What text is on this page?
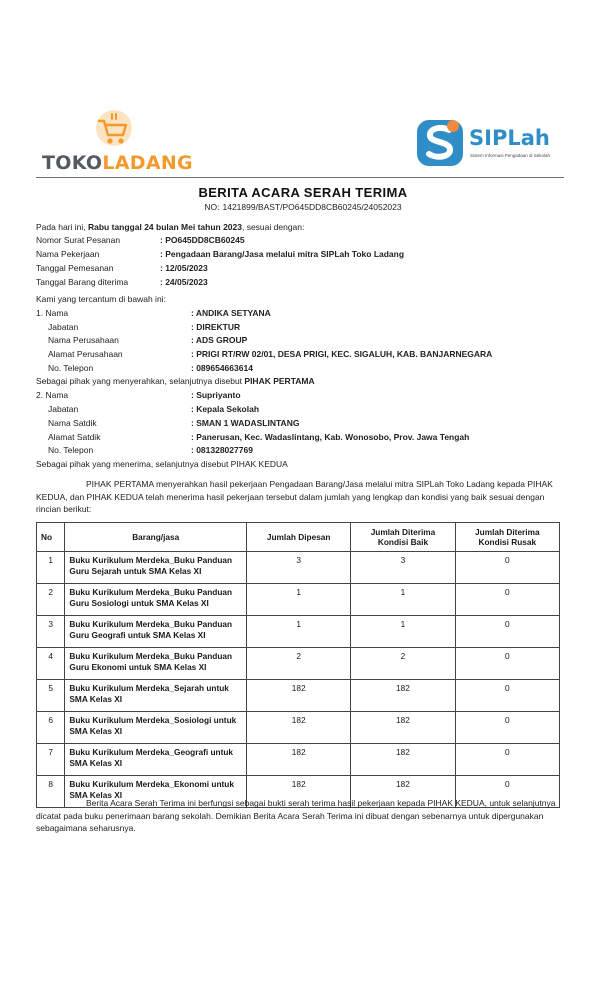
TOKOLADANG
SIPLah
Sistem Informasi Pengadaan di Sekolah
BERITA ACARA SERAH TERIMA
NO: 1421899/BAST/PO645DD8CB60245/24052023
Pada hari ini, Rabu tanggal 24 bulan Mei tahun 2023, sesuai dengan:
Nomor Surat Pesanan	: PO645DD8CB60245
Nama Pekerjaan	: Pengadaan Barang/Jasa melalui mitra SIPLah Toko Ladang
Tanggal Pemesanan	: 12/05/2023
Tanggal Barang diterima	: 24/05/2023
Kami yang tercantum di bawah ini:
1. Nama	: ANDIKA SETYANA
Jabatan	: DIREKTUR
Nama Perusahaan	: ADS GROUP
Alamat Perusahaan	: PRIGI RT/RW 02/01, DESA PRIGI, KEC. SIGALUH, KAB. BANJARNEGARA
No. Telepon	: 089654663614
Sebagai pihak yang menyerahkan, selanjutnya disebut PIHAK PERTAMA
2. Nama	: Supriyanto
Jabatan	: Kepala Sekolah
Nama Satdik	: SMAN 1 WADASLINTANG
Alamat Satdik	: Panerusan, Kec. Wadaslintang, Kab. Wonosobo, Prov. Jawa Tengah
No. Telepon	: 081328027769
Sebagai pihak yang menerima, selanjutnya disebut PIHAK KEDUA
PIHAK PERTAMA menyerahkan hasil pekerjaan Pengadaan Barang/Jasa melalui mitra SIPLah Toko Ladang kepada PIHAK KEDUA, dan PIHAK KEDUA telah menerima hasil pekerjaan tersebut dalam jumlah yang lengkap dan kondisi yang baik sesuai dengan rincian berikut:
No	Barang/jasa	Jumlah Dipesan	Jumlah Diterima Kondisi Baik	Jumlah Diterima Kondisi Rusak
1	Buku Kurikulum Merdeka_Buku Panduan Guru Sejarah untuk SMA Kelas XI	3	3	0
2	Buku Kurikulum Merdeka_Buku Panduan Guru Sosiologi untuk SMA Kelas XI	1	1	0
3	Buku Kurikulum Merdeka_Buku Panduan Guru Geografi untuk SMA Kelas XI	1	1	0
4	Buku Kurikulum Merdeka_Buku Panduan Guru Ekonomi untuk SMA Kelas XI	2	2	0
5	Buku Kurikulum Merdeka_Sejarah untuk SMA Kelas XI	182	182	0
6	Buku Kurikulum Merdeka_Sosiologi untuk SMA Kelas XI	182	182	0
7	Buku Kurikulum Merdeka_Geografi untuk SMA Kelas XI	182	182	0
8	Buku Kurikulum Merdeka_Ekonomi untuk SMA Kelas XI	182	182	0
Berita Acara Serah Terima ini berfungsi sebagai bukti serah terima hasil pekerjaan kepada PIHAK KEDUA, untuk selanjutnya dicatat pada buku penerimaan barang sekolah. Demikian Berita Acara Serah Terima ini dibuat dengan sebenarnya untuk dipergunakan sebagaimana seharusnya.
